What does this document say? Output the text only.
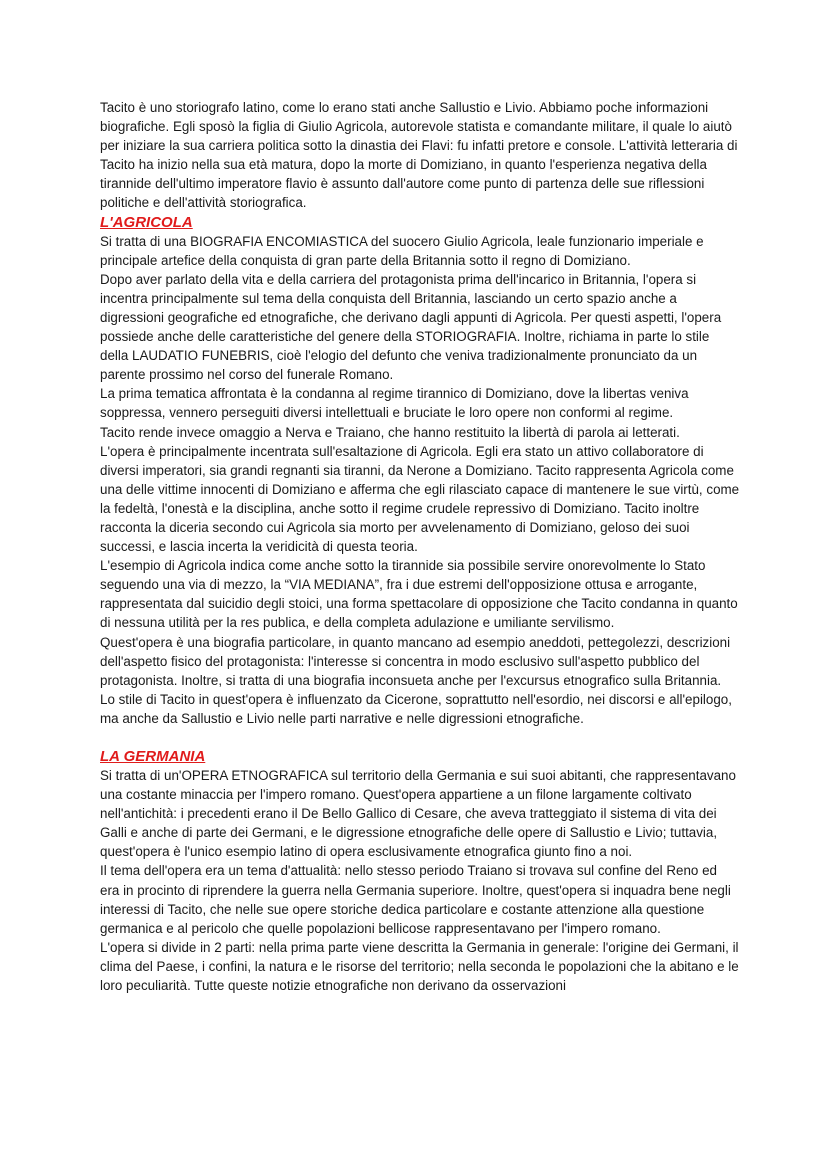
Tacito è uno storiografo latino, come lo erano stati anche Sallustio e Livio. Abbiamo poche informazioni biografiche. Egli sposò la figlia di Giulio Agricola, autorevole statista e comandante militare, il quale lo aiutò per iniziare la sua carriera politica sotto la dinastia dei Flavi: fu infatti pretore e console. L'attività letteraria di Tacito ha inizio nella sua età matura, dopo la morte di Domiziano, in quanto l'esperienza negativa della tirannide dell'ultimo imperatore flavio è assunto dall'autore come punto di partenza delle sue riflessioni politiche e dell'attività storiografica.

L'AGRICOLA

Si tratta di una BIOGRAFIA ENCOMIASTICA del suocero Giulio Agricola, leale funzionario imperiale e principale artefice della conquista di gran parte della Britannia sotto il regno di Domiziano.

Dopo aver parlato della vita e della carriera del protagonista prima dell'incarico in Britannia, l'opera si incentra principalmente sul tema della conquista dell Britannia, lasciando un certo spazio anche a digressioni geografiche ed etnografiche, che derivano dagli appunti di Agricola. Per questi aspetti, l'opera possiede anche delle caratteristiche del genere della STORIOGRAFIA. Inoltre, richiama in parte lo stile della LAUDATIO FUNEBRIS, cioè l'elogio del defunto che veniva tradizionalmente pronunciato da un parente prossimo nel corso del funerale Romano.

La prima tematica affrontata è la condanna al regime tirannico di Domiziano, dove la libertas veniva soppressa, vennero perseguiti diversi intellettuali e bruciate le loro opere non conformi al regime.

Tacito rende invece omaggio a Nerva e Traiano, che hanno restituito la libertà di parola ai letterati.

L'opera è principalmente incentrata sull'esaltazione di Agricola. Egli era stato un attivo collaboratore di diversi imperatori, sia grandi regnanti sia tiranni, da Nerone a Domiziano. Tacito rappresenta Agricola come una delle vittime innocenti di Domiziano e afferma che egli rilasciato capace di mantenere le sue virtù, come la fedeltà, l'onestà e la disciplina, anche sotto il regime crudele repressivo di Domiziano. Tacito inoltre racconta la diceria secondo cui Agricola sia morto per avvelenamento di Domiziano, geloso dei suoi successi, e lascia incerta la veridicità di questa teoria.

L'esempio di Agricola indica come anche sotto la tirannide sia possibile servire onorevolmente lo Stato seguendo una via di mezzo, la “VIA MEDIANA”, fra i due estremi dell'opposizione ottusa e arrogante, rappresentata dal suicidio degli stoici, una forma spettacolare di opposizione che Tacito condanna in quanto di nessuna utilità per la res publica, e della completa adulazione e umiliante servilismo.

Quest'opera è una biografia particolare, in quanto mancano ad esempio aneddoti, pettegolezzi, descrizioni dell'aspetto fisico del protagonista: l'interesse si concentra in modo esclusivo sull'aspetto pubblico del protagonista. Inoltre, si tratta di una biografia inconsueta anche per l'excursus etnografico sulla Britannia.

Lo stile di Tacito in quest'opera è influenzato da Cicerone, soprattutto nell'esordio, nei discorsi e all'epilogo, ma anche da Sallustio e Livio nelle parti narrative e nelle digressioni etnografiche.

LA GERMANIA

Si tratta di un'OPERA ETNOGRAFICA sul territorio della Germania e sui suoi abitanti, che rappresentavano una costante minaccia per l'impero romano. Quest'opera appartiene a un filone largamente coltivato nell'antichità: i precedenti erano il De Bello Gallico di Cesare, che aveva tratteggiato il sistema di vita dei Galli e anche di parte dei Germani, e le digressione etnografiche delle opere di Sallustio e Livio; tuttavia, quest'opera è l'unico esempio latino di opera esclusivamente etnografica giunto fino a noi.

Il tema dell'opera era un tema d'attualità: nello stesso periodo Traiano si trovava sul confine del Reno ed era in procinto di riprendere la guerra nella Germania superiore. Inoltre, quest'opera si inquadra bene negli interessi di Tacito, che nelle sue opere storiche dedica particolare e costante attenzione alla questione germanica e al pericolo che quelle popolazioni bellicose rappresentavano per l'impero romano.

L'opera si divide in 2 parti: nella prima parte viene descritta la Germania in generale: l'origine dei Germani, il clima del Paese, i confini, la natura e le risorse del territorio; nella seconda le popolazioni che la abitano e le loro peculiarità. Tutte queste notizie etnografiche non derivano da osservazioni
